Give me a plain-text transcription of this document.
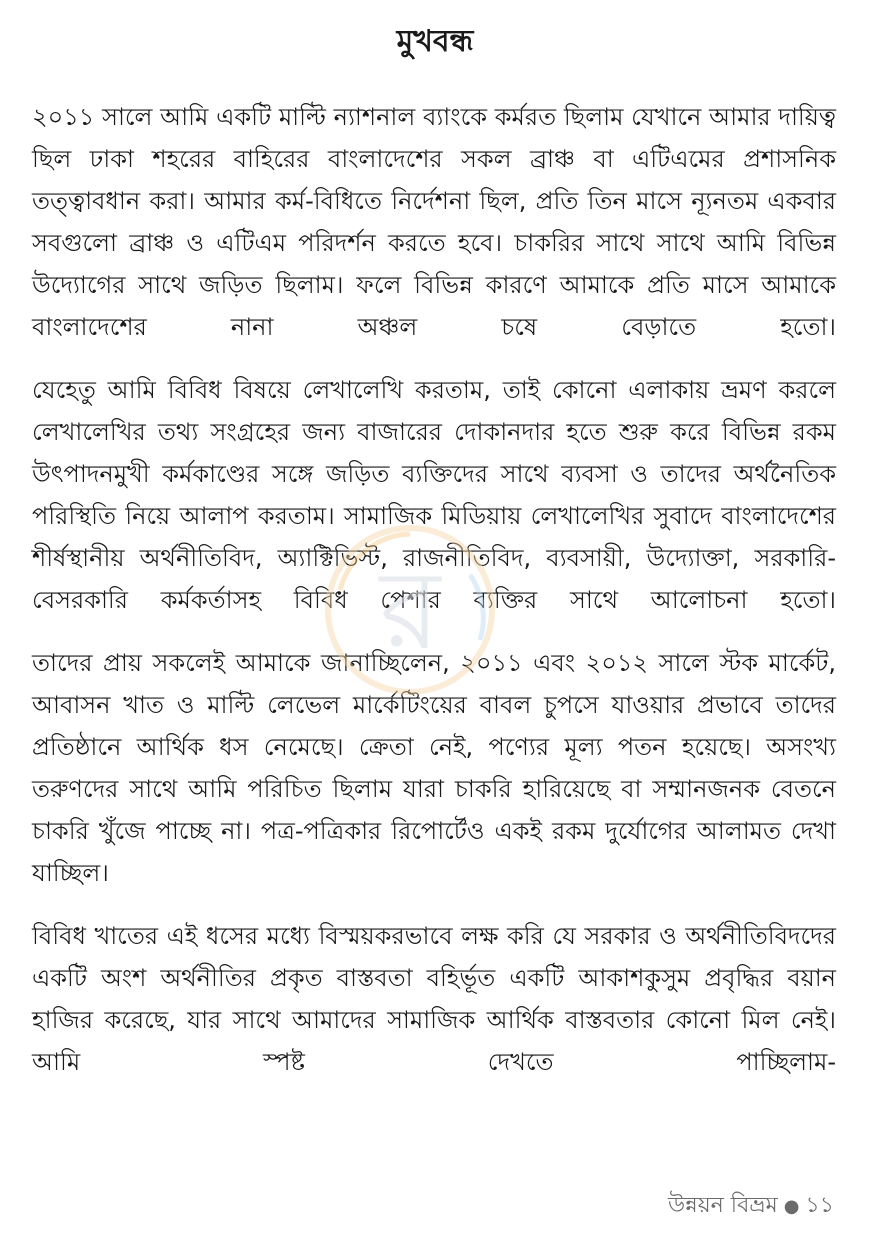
মুখবন্ধ

২০১১ সালে আমি একটি মাল্টি ন্যাশনাল ব্যাংকে কর্মরত ছিলাম যেখানে আমার দায়িত্ব ছিল ঢাকা শহরের বাহিরের বাংলাদেশের সকল ব্রাঞ্চ বা এটিএমের প্রশাসনিক তত্ত্বাবধান করা। আমার কর্ম-বিধিতে নির্দেশনা ছিল, প্রতি তিন মাসে ন্যূনতম একবার সবগুলো ব্রাঞ্চ ও এটিএম পরিদর্শন করতে হবে। চাকরির সাথে সাথে আমি বিভিন্ন উদ্যোগের সাথে জড়িত ছিলাম। ফলে বিভিন্ন কারণে আমাকে প্রতি মাসে আমাকে বাংলাদেশের নানা অঞ্চল চষে বেড়াতে হতো।

যেহেতু আমি বিবিধ বিষয়ে লেখালেখি করতাম, তাই কোনো এলাকায় ভ্রমণ করলে লেখালেখির তথ্য সংগ্রহের জন্য বাজারের দোকানদার হতে শুরু করে বিভিন্ন রকম উৎপাদনমুখী কর্মকাণ্ডের সঙ্গে জড়িত ব্যক্তিদের সাথে ব্যবসা ও তাদের অর্থনৈতিক পরিস্থিতি নিয়ে আলাপ করতাম। সামাজিক মিডিয়ায় লেখালেখির সুবাদে বাংলাদেশের শীর্ষস্থানীয় অর্থনীতিবিদ, অ্যাক্টিভিস্ট, রাজনীতিবিদ, ব্যবসায়ী, উদ্যোক্তা, সরকারি-বেসরকারি কর্মকর্তাসহ বিবিধ পেশার ব্যক্তির সাথে আলোচনা হতো।

তাদের প্রায় সকলেই আমাকে জানাচ্ছিলেন, ২০১১ এবং ২০১২ সালে স্টক মার্কেট, আবাসন খাত ও মাল্টি লেভেল মার্কেটিংয়ের বাবল চুপসে যাওয়ার প্রভাবে তাদের প্রতিষ্ঠানে আর্থিক ধস নেমেছে। ক্রেতা নেই, পণ্যের মূল্য পতন হয়েছে। অসংখ্য তরুণদের সাথে আমি পরিচিত ছিলাম যারা চাকরি হারিয়েছে বা সম্মানজনক বেতনে চাকরি খুঁজে পাচ্ছে না। পত্র-পত্রিকার রিপোর্টেও একই রকম দুর্যোগের আলামত দেখা যাচ্ছিল।

বিবিধ খাতের এই ধসের মধ্যে বিস্ময়করভাবে লক্ষ করি যে সরকার ও অর্থনীতিবিদদের একটি অংশ অর্থনীতির প্রকৃত বাস্তবতা বহির্ভূত একটি আকাশকুসুম প্রবৃদ্ধির বয়ান হাজির করেছে, যার সাথে আমাদের সামাজিক আর্থিক বাস্তবতার কোনো মিল নেই। আমি স্পষ্ট দেখতে পাচ্ছিলাম-

র
উন্নয়ন বিভ্রম ● ১১
